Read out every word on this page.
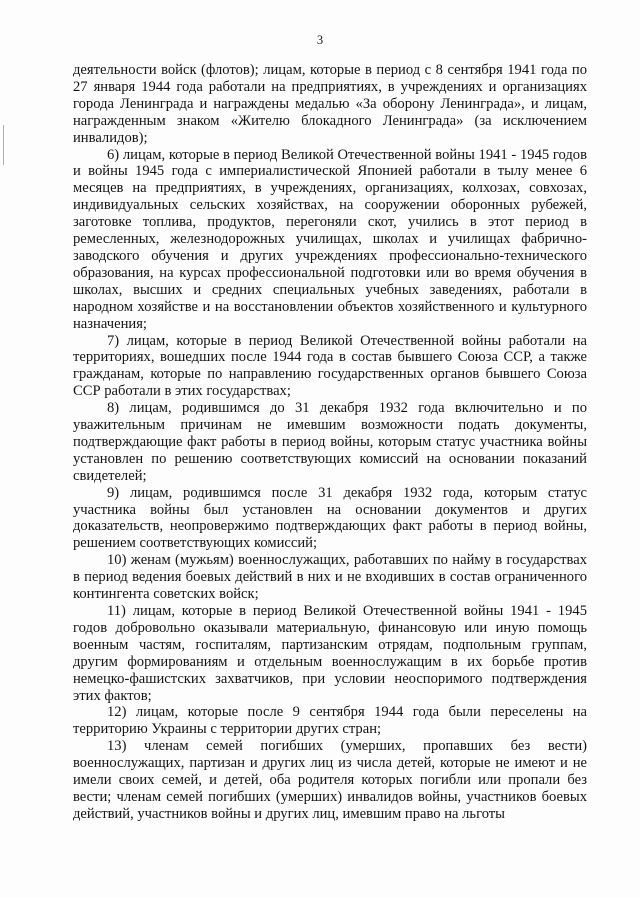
3

деятельности войск (флотов); лицам, которые в период с 8 сентября 1941 года по 27 января 1944 года работали на предприятиях, в учреждениях и организациях города Ленинграда и награждены медалью «За оборону Ленинграда», и лицам, награжденным знаком «Жителю блокадного Ленинграда» (за исключением инвалидов);

6) лицам, которые в период Великой Отечественной войны 1941 - 1945 годов и войны 1945 года с империалистической Японией работали в тылу менее 6 месяцев на предприятиях, в учреждениях, организациях, колхозах, совхозах, индивидуальных сельских хозяйствах, на сооружении оборонных рубежей, заготовке топлива, продуктов, перегоняли скот, учились в этот период в ремесленных, железнодорожных училищах, школах и училищах фабрично-заводского обучения и других учреждениях профессионально-технического образования, на курсах профессиональной подготовки или во время обучения в школах, высших и средних специальных учебных заведениях, работали в народном хозяйстве и на восстановлении объектов хозяйственного и культурного назначения;

7) лицам, которые в период Великой Отечественной войны работали на территориях, вошедших после 1944 года в состав бывшего Союза ССР, а также гражданам, которые по направлению государственных органов бывшего Союза ССР работали в этих государствах;

8) лицам, родившимся до 31 декабря 1932 года включительно и по уважительным причинам не имевшим возможности подать документы, подтверждающие факт работы в период войны, которым статус участника войны установлен по решению соответствующих комиссий на основании показаний свидетелей;

9) лицам, родившимся после 31 декабря 1932 года, которым статус участника войны был установлен на основании документов и других доказательств, неопровержимо подтверждающих факт работы в период войны, решением соответствующих комиссий;

10) женам (мужьям) военнослужащих, работавших по найму в государствах в период ведения боевых действий в них и не входивших в состав ограниченного контингента советских войск;

11) лицам, которые в период Великой Отечественной войны 1941 - 1945 годов добровольно оказывали материальную, финансовую или иную помощь военным частям, госпиталям, партизанским отрядам, подпольным группам, другим формированиям и отдельным военнослужащим в их борьбе против немецко-фашистских захватчиков, при условии неоспоримого подтверждения этих фактов;

12) лицам, которые после 9 сентября 1944 года были переселены на территорию Украины с территории других стран;

13) членам семей погибших (умерших, пропавших без вести) военнослужащих, партизан и других лиц из числа детей, которые не имеют и не имели своих семей, и детей, оба родителя которых погибли или пропали без вести; членам семей погибших (умерших) инвалидов войны, участников боевых действий, участников войны и других лиц, имевшим право на льготы
